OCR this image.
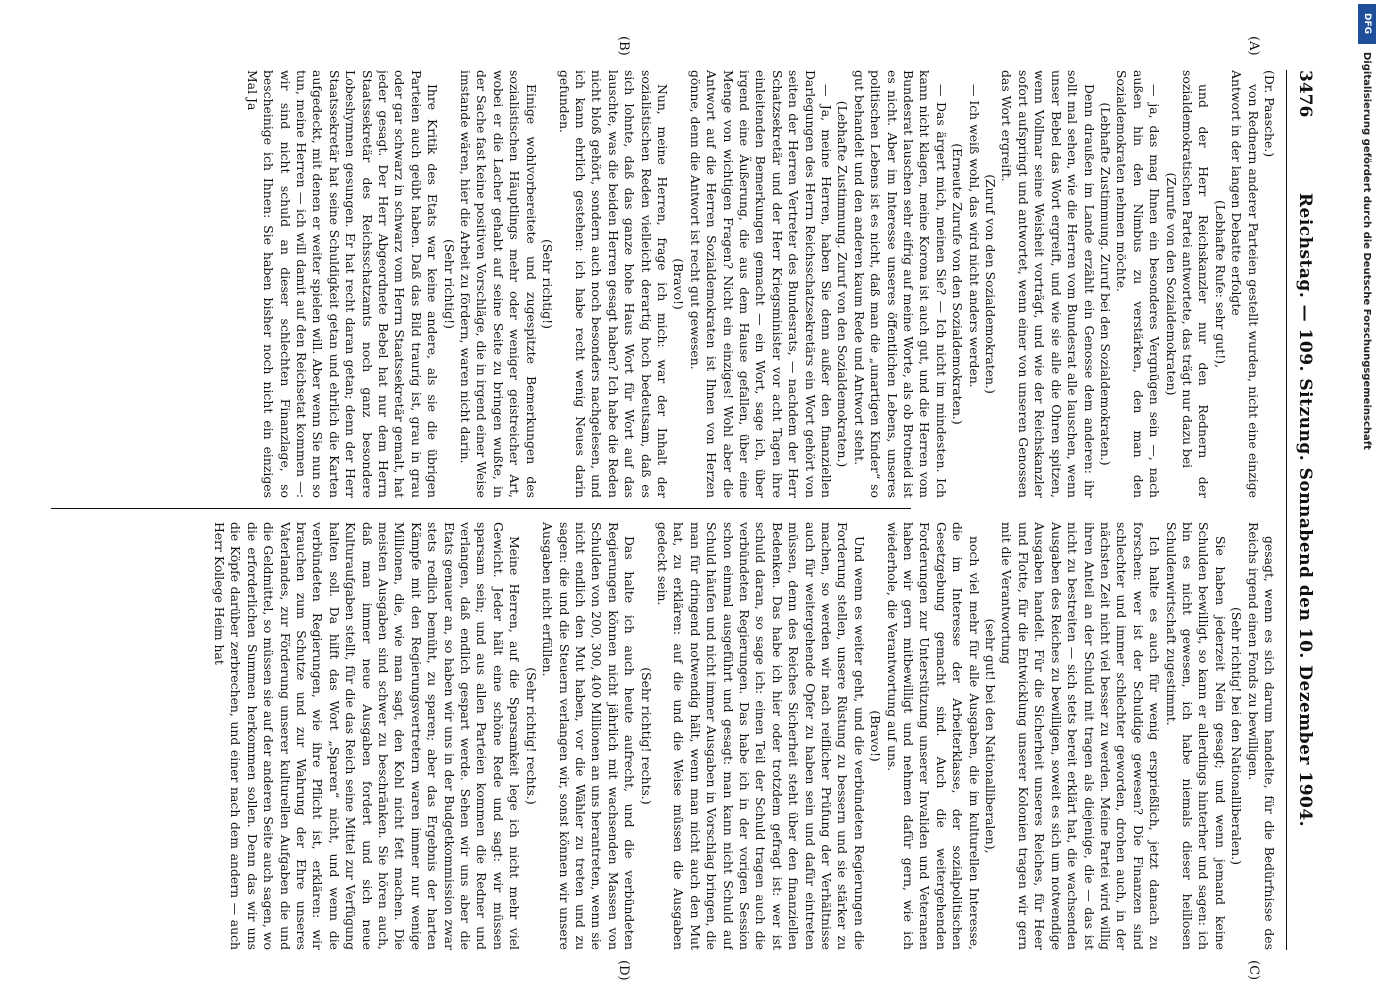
3476
Reichstag. — 109. Sitzung. Sonnabend den 10. Dezember 1904.
(A)
(B)
(C)
(D)

(Dr. Paasche.)

von Rednern anderer Parteien gestellt wurden, nicht eine einzige Antwort in der langen Debatte erfolgte

(Lebhafte Rufe: sehr gut!),

und der Herr Reichskanzler nur den Rednern der sozialdemokratischen Partei antwortete, das trägt nur dazu bei

(Zurufe von den Sozialdemokraten)

— ja, das mag Ihnen ein besonderes Vergnügen sein —, nach außen hin den Nimbus zu verstärken, den man den Sozialdemokraten nehmen möchte.

(Lebhafte Zustimmung. Zuruf bei den Sozialdemokraten.)

Denn draußen im Lande erzählt ein Genosse dem anderen: ihr sollt mal sehen, wie die Herren vom Bundesrat alle lauschen, wenn unser Bebel das Wort ergreift, und wie sie alle die Ohren spitzen, wenn Vollmar seine Weisheit vorträgt, und wie der Reichskanzler sofort aufspringt und antwortet, wenn einer von unseren Genossen das Wort ergreift.

(Zuruf von den Sozialdemokraten.)

— Ich weiß wohl, das wird nicht anders werden.

(Erneute Zurufe von den Sozialdemokraten.)

— Das ärgert mich, meinen Sie? — Ich nicht im mindesten. Ich kann nicht klagen, meine Korona ist auch gut, und die Herren vom Bundesrat lauschen sehr eifrig auf meine Worte, als ob Brotneid ist es nicht. Aber im Interesse unseres öffentlichen Lebens, unseres politischen Lebens ist es nicht, daß man die „unartigen Kinder“ so gut behandelt und den anderen kaum Rede und Antwort steht.

(Lebhafte Zustimmung. Zuruf von den Sozialdemokraten.)

— Ja, meine Herren, haben Sie denn außer den finanziellen Darlegungen des Herrn Reichsschatzsekretärs ein Wort gehört von seiten der Herren Vertreter des Bundesrats, — nachdem der Herr Schatzsekretär und der Herr Kriegsminister vor acht Tagen ihre einleitenden Bemerkungen gemacht — ein Wort, sage ich, über irgend eine Äußerung, die aus dem Hause gefallen, über eine Menge von wichtigen Fragen? Nicht ein einziges! Wohl aber die Antwort auf die Herren Sozialdemokraten ist Ihnen von Herzen gönne, denn die Antwort ist recht gut gewesen.

(Bravo!)

Nun, meine Herren, frage ich mich: war der Inhalt der sozialistischen Reden vielleicht derartig hoch bedeutsam, daß es sich lohnte, daß das ganze hohe Haus Wort für Wort auf das lauschte, was die beiden Herren gesagt haben? Ich habe die Reden nicht bloß gehört, sondern auch noch besonders nachgelesen, und ich kann ehrlich gestehen: ich habe recht wenig Neues darin gefunden.

(Sehr richtig!)

Einige wohlvorbereitete und zugespitzte Bemerkungen des sozialistischen Häuptlings mehr oder weniger geistreicher Art, wobei er die Lacher gehabt auf seine Seite zu bringen wußte, in der Sache fast keine positiven Vorschläge, die in irgend einer Weise imstande wären, hier die Arbeit zu fördern, waren nicht darin.

(Sehr richtig!)

Ihre Kritik des Etats war keine andere, als sie die übrigen Parteien auch geübt haben. Daß das Bild traurig ist, grau in grau oder gar schwarz in schwarz vom Herrn Staatssekretär gemalt, hat jeder gesagt. Der Herr Abgeordnete Bebel hat nur dem Herrn Staatssekretär des Reichsschatzamts noch ganz besondere Lobeshymnen gesungen. Er hat recht daran getan; denn der Herr Staatssekretär hat seine Schuldigkeit getan und ehrlich die Karten aufgedeckt, mit denen er weiter spielen will. Aber wenn Sie nun so tun, meine Herren — ich will damit auf den Reichsetat kommen —: wir sind nicht schuld an dieser schlechten Finanzlage, so bescheinige ich Ihnen: Sie haben bisher noch nicht ein einziges Mal Ja

gesagt, wenn es sich darum handelte, für die Bedürfnisse des Reichs irgend einen Fonds zu bewilligen.

(Sehr richtig! bei den Nationalliberalen.)

Sie haben jederzeit Nein gesagt; und wenn jemand keine Schulden bewilligt, so kann er allerdings hinterher und sagen: ich bin es nicht gewesen, ich habe niemals dieser heillosen Schuldenwirtschaft zugestimmt.

Ich halte es auch für wenig ersprießlich, jetzt danach zu forschen: wer ist der Schuldige gewesen? Die Finanzen sind schlechter und immer schlechter geworden, drohen auch, in der nächsten Zeit nicht viel besser zu werden. Meine Partei wird willig ihren Anteil an der Schuld mit tragen als diejenige, die — das ist nicht zu bestreiten — sich stets bereit erklärt hat, die wachsenden Ausgaben des Reiches zu bewilligen, soweit es sich um notwendige Ausgaben handelt. Für die Sicherheit unseres Reiches, für Heer und Flotte, für die Entwicklung unserer Kolonien tragen wir gern mit die Verantwortung

(sehr gut! bei den Nationalliberalen),

noch viel mehr für alle Ausgaben, die im kulturellen Interesse, die im Interesse der Arbeiterklasse, der sozialpolitischen Gesetzgebung gemacht sind. Auch die weitergehenden Forderungen zur Unterstützung unserer Invaliden und Veteranen haben wir gern mitbewilligt und nehmen dafür gern, wie ich wiederhole, die Verantwortung auf uns.

(Bravo!)

Und wenn es weiter geht, und die verbündeten Regierungen die Forderung stellen, unsere Rüstung zu bessern und sie stärker zu machen, so werden wir nach reiflicher Prüfung der Verhältnisse auch für weitergehende Opfer zu haben sein und dafür eintreten müssen, denn des Reiches Sicherheit steht über den finanziellen Bedenken. Das habe ich hier oder trotzdem gefragt ist: wer ist schuld daran, so sage ich: einen Teil der Schuld tragen auch die verbündeten Regierungen. Das habe ich in der vorigen Session schon einmal ausgeführt und gesagt: man kann nicht Schuld auf Schuld häufen und nicht immer Ausgaben in Vorschlag bringen, die man für dringend notwendig hält, wenn man nicht auch den Mut hat, zu erklären: auf die und die Weise müssen die Ausgaben gedeckt sein.

(Sehr richtig! rechts.)

Das halte ich auch heute aufrecht, und die verbündeten Regierungen können nicht jährlich mit wachsenden Massen von Schulden von 200, 300, 400 Millionen an uns herantreten, wenn sie nicht endlich den Mut haben, vor die Wähler zu treten und zu sagen: die und die Steuern verlangen wir, sonst können wir unsere Ausgaben nicht erfüllen.

(Sehr richtig! rechts.)

Meine Herren, auf die Sparsamkeit lege ich nicht mehr viel Gewicht. Jeder hält eine schöne Rede und sagt: wir müssen sparsam sein; und aus allen Parteien kommen die Redner und verlangen, daß endlich gespart werde. Sehen wir uns aber die Etats genauer an, so haben wir uns in der Budgetkommission zwar stets redlich bemüht, zu sparen; aber das Ergebnis der harten Kämpfe mit den Regierungsvertretern waren immer nur wenige Millionen, die, wie man sagt, den Kohl nicht fett machen. Die meisten Ausgaben sind schwer zu beschränken. Sie hören auch, daß man immer neue Ausgaben fordert und sich neue Kulturaufgaben stellt, für die das Reich seine Mittel zur Verfügung halten soll. Da hilft das Wort „Sparen“ nicht, und wenn die verbündeten Regierungen, wie ihre Pflicht ist, erklären: wir brauchen zum Schutze und zur Wahrung der Ehre unseres Vaterlandes, zur Förderung unserer kulturellen Aufgaben die und die Geldmittel, so müssen sie auf der anderen Seite auch sagen, wo die erforderlichen Summen herkommen sollen. Denn das wir uns die Köpfe darüber zerbrechen, und einer nach dem andern — auch Herr Kollege Heim hat

Digitalisierung gefördert durch die Deutsche Forschungsgemeinschaft
DFG
